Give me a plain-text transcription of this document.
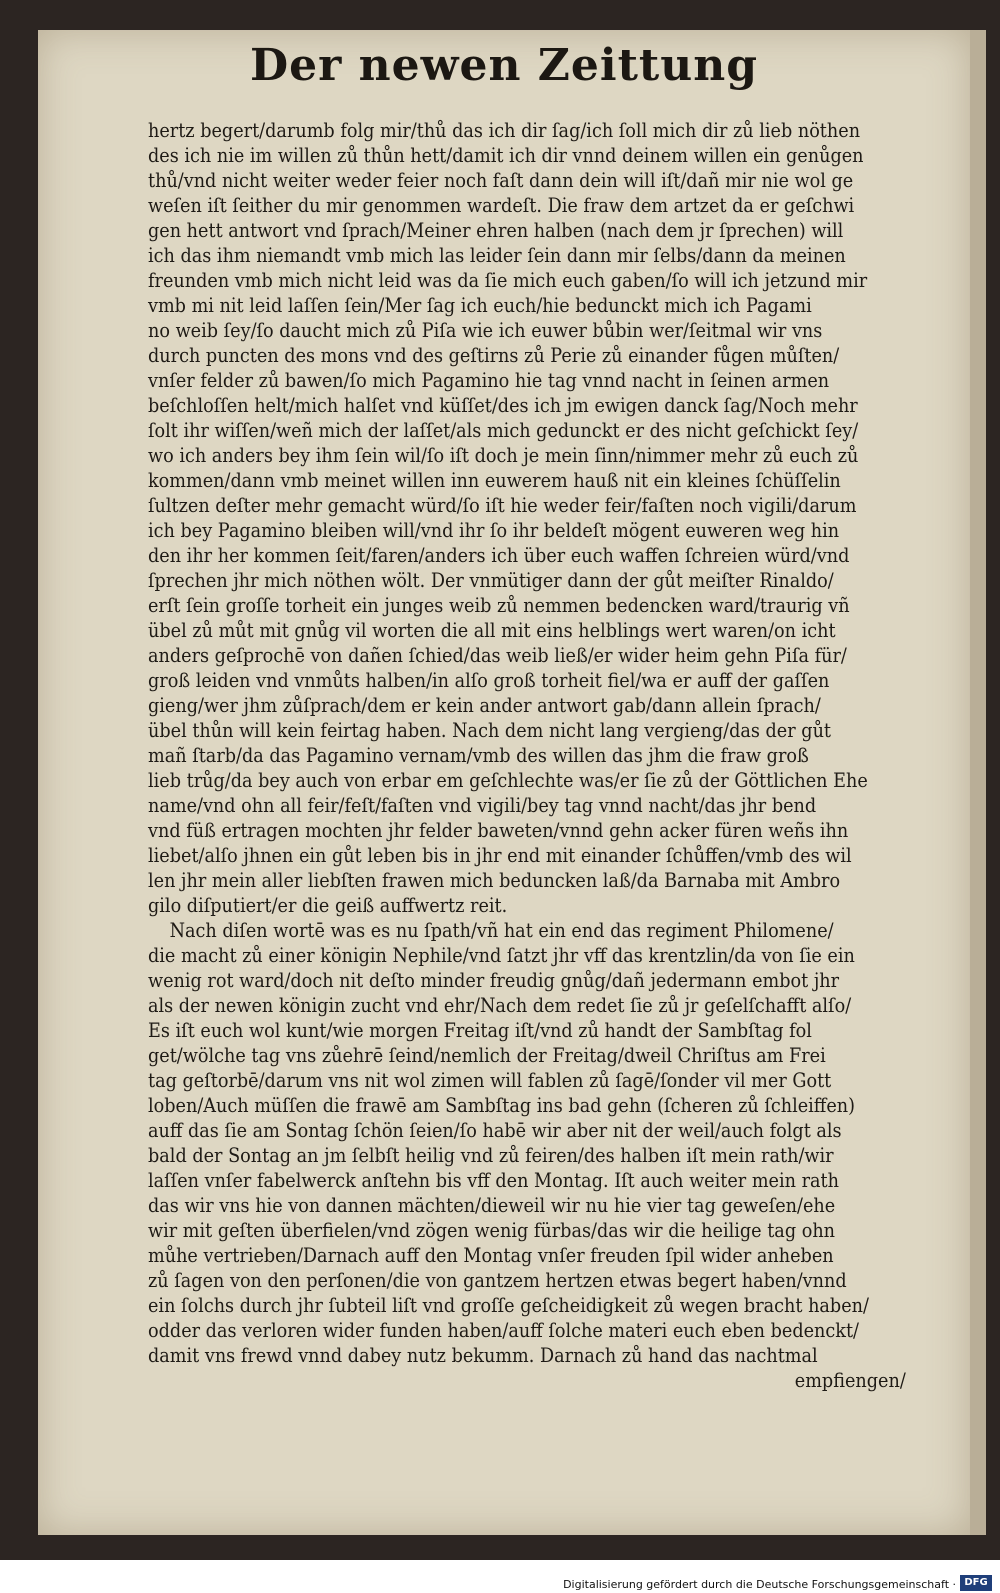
Der newen Zeittung
hertz begert/darumb folg mir/thů das ich dir ſag/ich ſoll mich dir zů lieb nöthen
des ich nie im willen zů thůn hett/damit ich dir vnnd deinem willen ein genůgen
thů/vnd nicht weiter weder feier noch faſt dann dein will iſt/dañ mir nie wol ge
weſen iſt ſeither du mir genommen wardeſt. Die fraw dem artzet da er geſchwi
gen hett antwort vnd ſprach/Meiner ehren halben (nach dem jr ſprechen) will
ich das ihm niemandt vmb mich las leider ſein dann mir ſelbs/dann da meinen
freunden vmb mich nicht leid was da ſie mich euch gaben/ſo will ich jetzund mir
vmb mi nit leid laſſen ſein/Mer ſag ich euch/hie bedunckt mich ich Pagami
no weib ſey/ſo daucht mich zů Piſa wie ich euwer bůbin wer/ſeitmal wir vns
durch puncten des mons vnd des geſtirns zů Perie zů einander fůgen můſten/
vnſer felder zů bawen/ſo mich Pagamino hie tag vnnd nacht in ſeinen armen
beſchloſſen helt/mich halſet vnd küſſet/des ich jm ewigen danck ſag/Noch mehr
ſolt ihr wiſſen/weñ mich der laſſet/als mich gedunckt er des nicht geſchickt ſey/
wo ich anders bey ihm ſein wil/ſo iſt doch je mein ſinn/nimmer mehr zů euch zů
kommen/dann vmb meinet willen inn euwerem hauß nit ein kleines ſchüſſelin
ſultzen deſter mehr gemacht würd/ſo iſt hie weder feir/faſten noch vigili/darum
ich bey Pagamino bleiben will/vnd ihr ſo ihr beldeſt mögent euweren weg hin
den ihr her kommen ſeit/faren/anders ich über euch waffen ſchreien würd/vnd
ſprechen jhr mich nöthen wölt. Der vnmütiger dann der gůt meiſter Rinaldo/
erſt ſein groſſe torheit ein junges weib zů nemmen bedencken ward/traurig vñ
übel zů můt mit gnůg vil worten die all mit eins helblings wert waren/on icht
anders geſprochē von dañen ſchied/das weib ließ/er wider heim gehn Piſa für/
groß leiden vnd vnmůts halben/in alſo groß torheit fiel/wa er auff der gaſſen
gieng/wer jhm zůſprach/dem er kein ander antwort gab/dann allein ſprach/
übel thůn will kein feirtag haben. Nach dem nicht lang vergieng/das der gůt
mañ ſtarb/da das Pagamino vernam/vmb des willen das jhm die fraw groß
lieb trůg/da bey auch von erbar em geſchlechte was/er ſie zů der Göttlichen Ehe
name/vnd ohn all feir/feſt/faſten vnd vigili/bey tag vnnd nacht/das jhr bend
vnd füß ertragen mochten jhr felder baweten/vnnd gehn acker füren weñs ihn
liebet/alſo jhnen ein gůt leben bis in jhr end mit einander ſchůffen/vmb des wil
len jhr mein aller liebſten frawen mich beduncken laß/da Barnaba mit Ambro
gilo diſputiert/er die geiß auffwertz reit.
Nach diſen wortē was es nu ſpath/vñ hat ein end das regiment Philomene/
die macht zů einer königin Nephile/vnd ſatzt jhr vff das krentzlin/da von ſie ein
wenig rot ward/doch nit deſto minder freudig gnůg/dañ jedermann embot jhr
als der newen königin zucht vnd ehr/Nach dem redet ſie zů jr geſelſchafft alſo/
Es iſt euch wol kunt/wie morgen Freitag iſt/vnd zů handt der Sambſtag fol
get/wölche tag vns zůehrē ſeind/nemlich der Freitag/dweil Chriſtus am Frei
tag geſtorbē/darum vns nit wol zimen will fablen zů ſagē/ſonder vil mer Gott
loben/Auch müſſen die frawē am Sambſtag ins bad gehn (ſcheren zů ſchleiffen)
auff das ſie am Sontag ſchön ſeien/ſo habē wir aber nit der weil/auch folgt als
bald der Sontag an jm ſelbſt heilig vnd zů feiren/des halben iſt mein rath/wir
laſſen vnſer fabelwerck anſtehn bis vff den Montag. Iſt auch weiter mein rath
das wir vns hie von dannen mächten/dieweil wir nu hie vier tag geweſen/ehe
wir mit geſten überfielen/vnd zögen wenig fürbas/das wir die heilige tag ohn
můhe vertrieben/Darnach auff den Montag vnſer freuden ſpil wider anheben
zů ſagen von den perſonen/die von gantzem hertzen etwas begert haben/vnnd
ein ſolchs durch jhr ſubteil liſt vnd groſſe geſcheidigkeit zů wegen bracht haben/
odder das verloren wider funden haben/auff ſolche materi euch eben bedenckt/
damit vns frewd vnnd dabey nutz bekumm. Darnach zů hand das nachtmal
empfiengen/
Digitalisierung gefördert durch die Deutsche Forschungsgemeinschaft · DFG
